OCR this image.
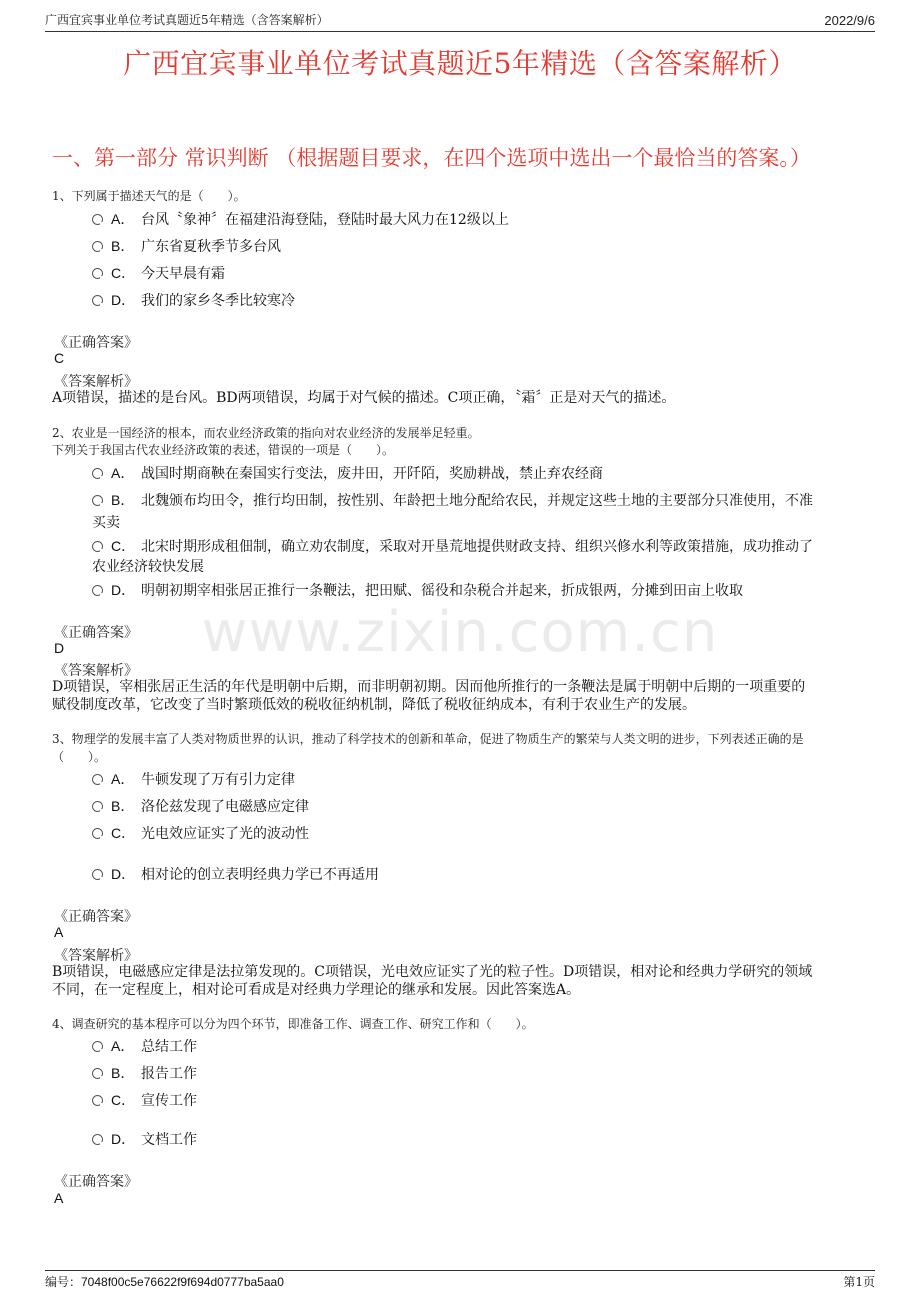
广西宜宾事业单位考试真题近5年精选（含答案解析）	2022/9/6
广西宜宾事业单位考试真题近5年精选（含答案解析）
一、第一部分 常识判断 （根据题目要求，在四个选项中选出一个最恰当的答案。）
www.zixin.com.cn
1、下列属于描述天气的是（　　）。
A． 台风〝象神〞在福建沿海登陆，登陆时最大风力在12级以上
B． 广东省夏秋季节多台风
C． 今天早晨有霜
D． 我们的家乡冬季比较寒冷
《正确答案》
C
《答案解析》
A项错误，描述的是台风。BD两项错误，均属于对气候的描述。C项正确，〝霜〞正是对天气的描述。
2、农业是一国经济的根本，而农业经济政策的指向对农业经济的发展举足轻重。
下列关于我国古代农业经济政策的表述，错误的一项是（　　）。
A． 战国时期商鞅在秦国实行变法，废井田，开阡陌，奖励耕战，禁止弃农经商
B． 北魏颁布均田令，推行均田制，按性别、年龄把土地分配给农民，并规定这些土地的主要部分只准使用，不准
买卖
C． 北宋时期形成租佃制，确立劝农制度，采取对开垦荒地提供财政支持、组织兴修水利等政策措施，成功推动了
农业经济较快发展
D． 明朝初期宰相张居正推行一条鞭法，把田赋、徭役和杂税合并起来，折成银两，分摊到田亩上收取
《正确答案》
D
《答案解析》
D项错误，宰相张居正生活的年代是明朝中后期，而非明朝初期。因而他所推行的一条鞭法是属于明朝中后期的一项重要的
赋役制度改革，它改变了当时繁琐低效的税收征纳机制，降低了税收征纳成本，有利于农业生产的发展。
3、物理学的发展丰富了人类对物质世界的认识，推动了科学技术的创新和革命，促进了物质生产的繁荣与人类文明的进步，下列表述正确的是
（　　）。
A． 牛顿发现了万有引力定律
B． 洛伦兹发现了电磁感应定律
C． 光电效应证实了光的波动性
D． 相对论的创立表明经典力学已不再适用
《正确答案》
A
《答案解析》
B项错误，电磁感应定律是法拉第发现的。C项错误，光电效应证实了光的粒子性。D项错误，相对论和经典力学研究的领域
不同，在一定程度上，相对论可看成是对经典力学理论的继承和发展。因此答案选A。
4、调查研究的基本程序可以分为四个环节，即准备工作、调查工作、研究工作和（　　）。
A． 总结工作
B． 报告工作
C． 宣传工作
D． 文档工作
《正确答案》
A
编号：7048f00c5e76622f9f694d0777ba5aa0	第1页
